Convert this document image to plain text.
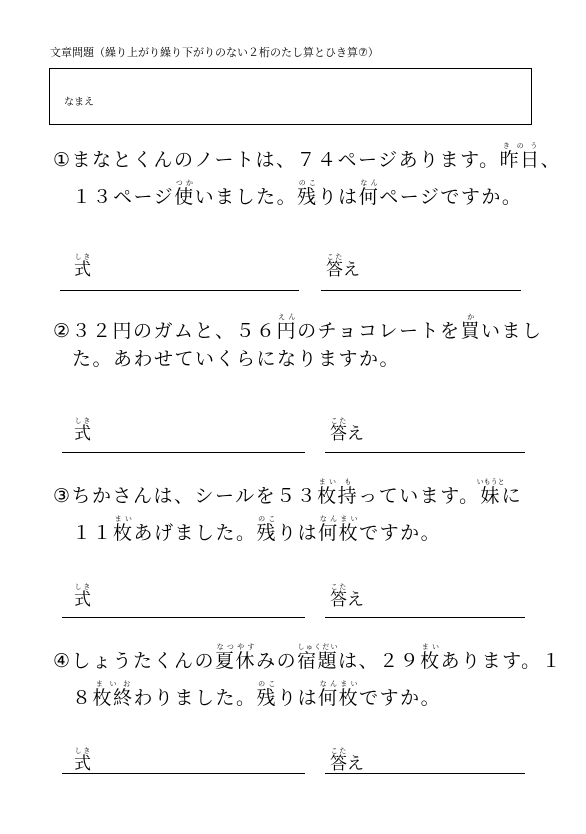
文章問題（繰り上がり繰り下がりのない２桁のたし算とひき算⑦）
なまえ
①まなとくんのノートは、７４ページあります。昨日きのう、
１３ページ使つかいました。残のこりは何なんページですか。
式しき
答こたえ
②３２円のガムと、５６円えんのチョコレートを買かいまし
た。あわせていくらになりますか。
式しき
答こたえ
③ちかさんは、シールを５３枚まい持もっています。妹いもうとに
１１枚まいあげました。残のこりは何枚なんまいですか。
式しき
答こたえ
④しょうたくんの夏休なつやすみの宿題しゅくだいは、２９枚まいあります。１
８枚終まいおわりました。残のこりは何枚なんまいですか。
式しき
答こたえ
